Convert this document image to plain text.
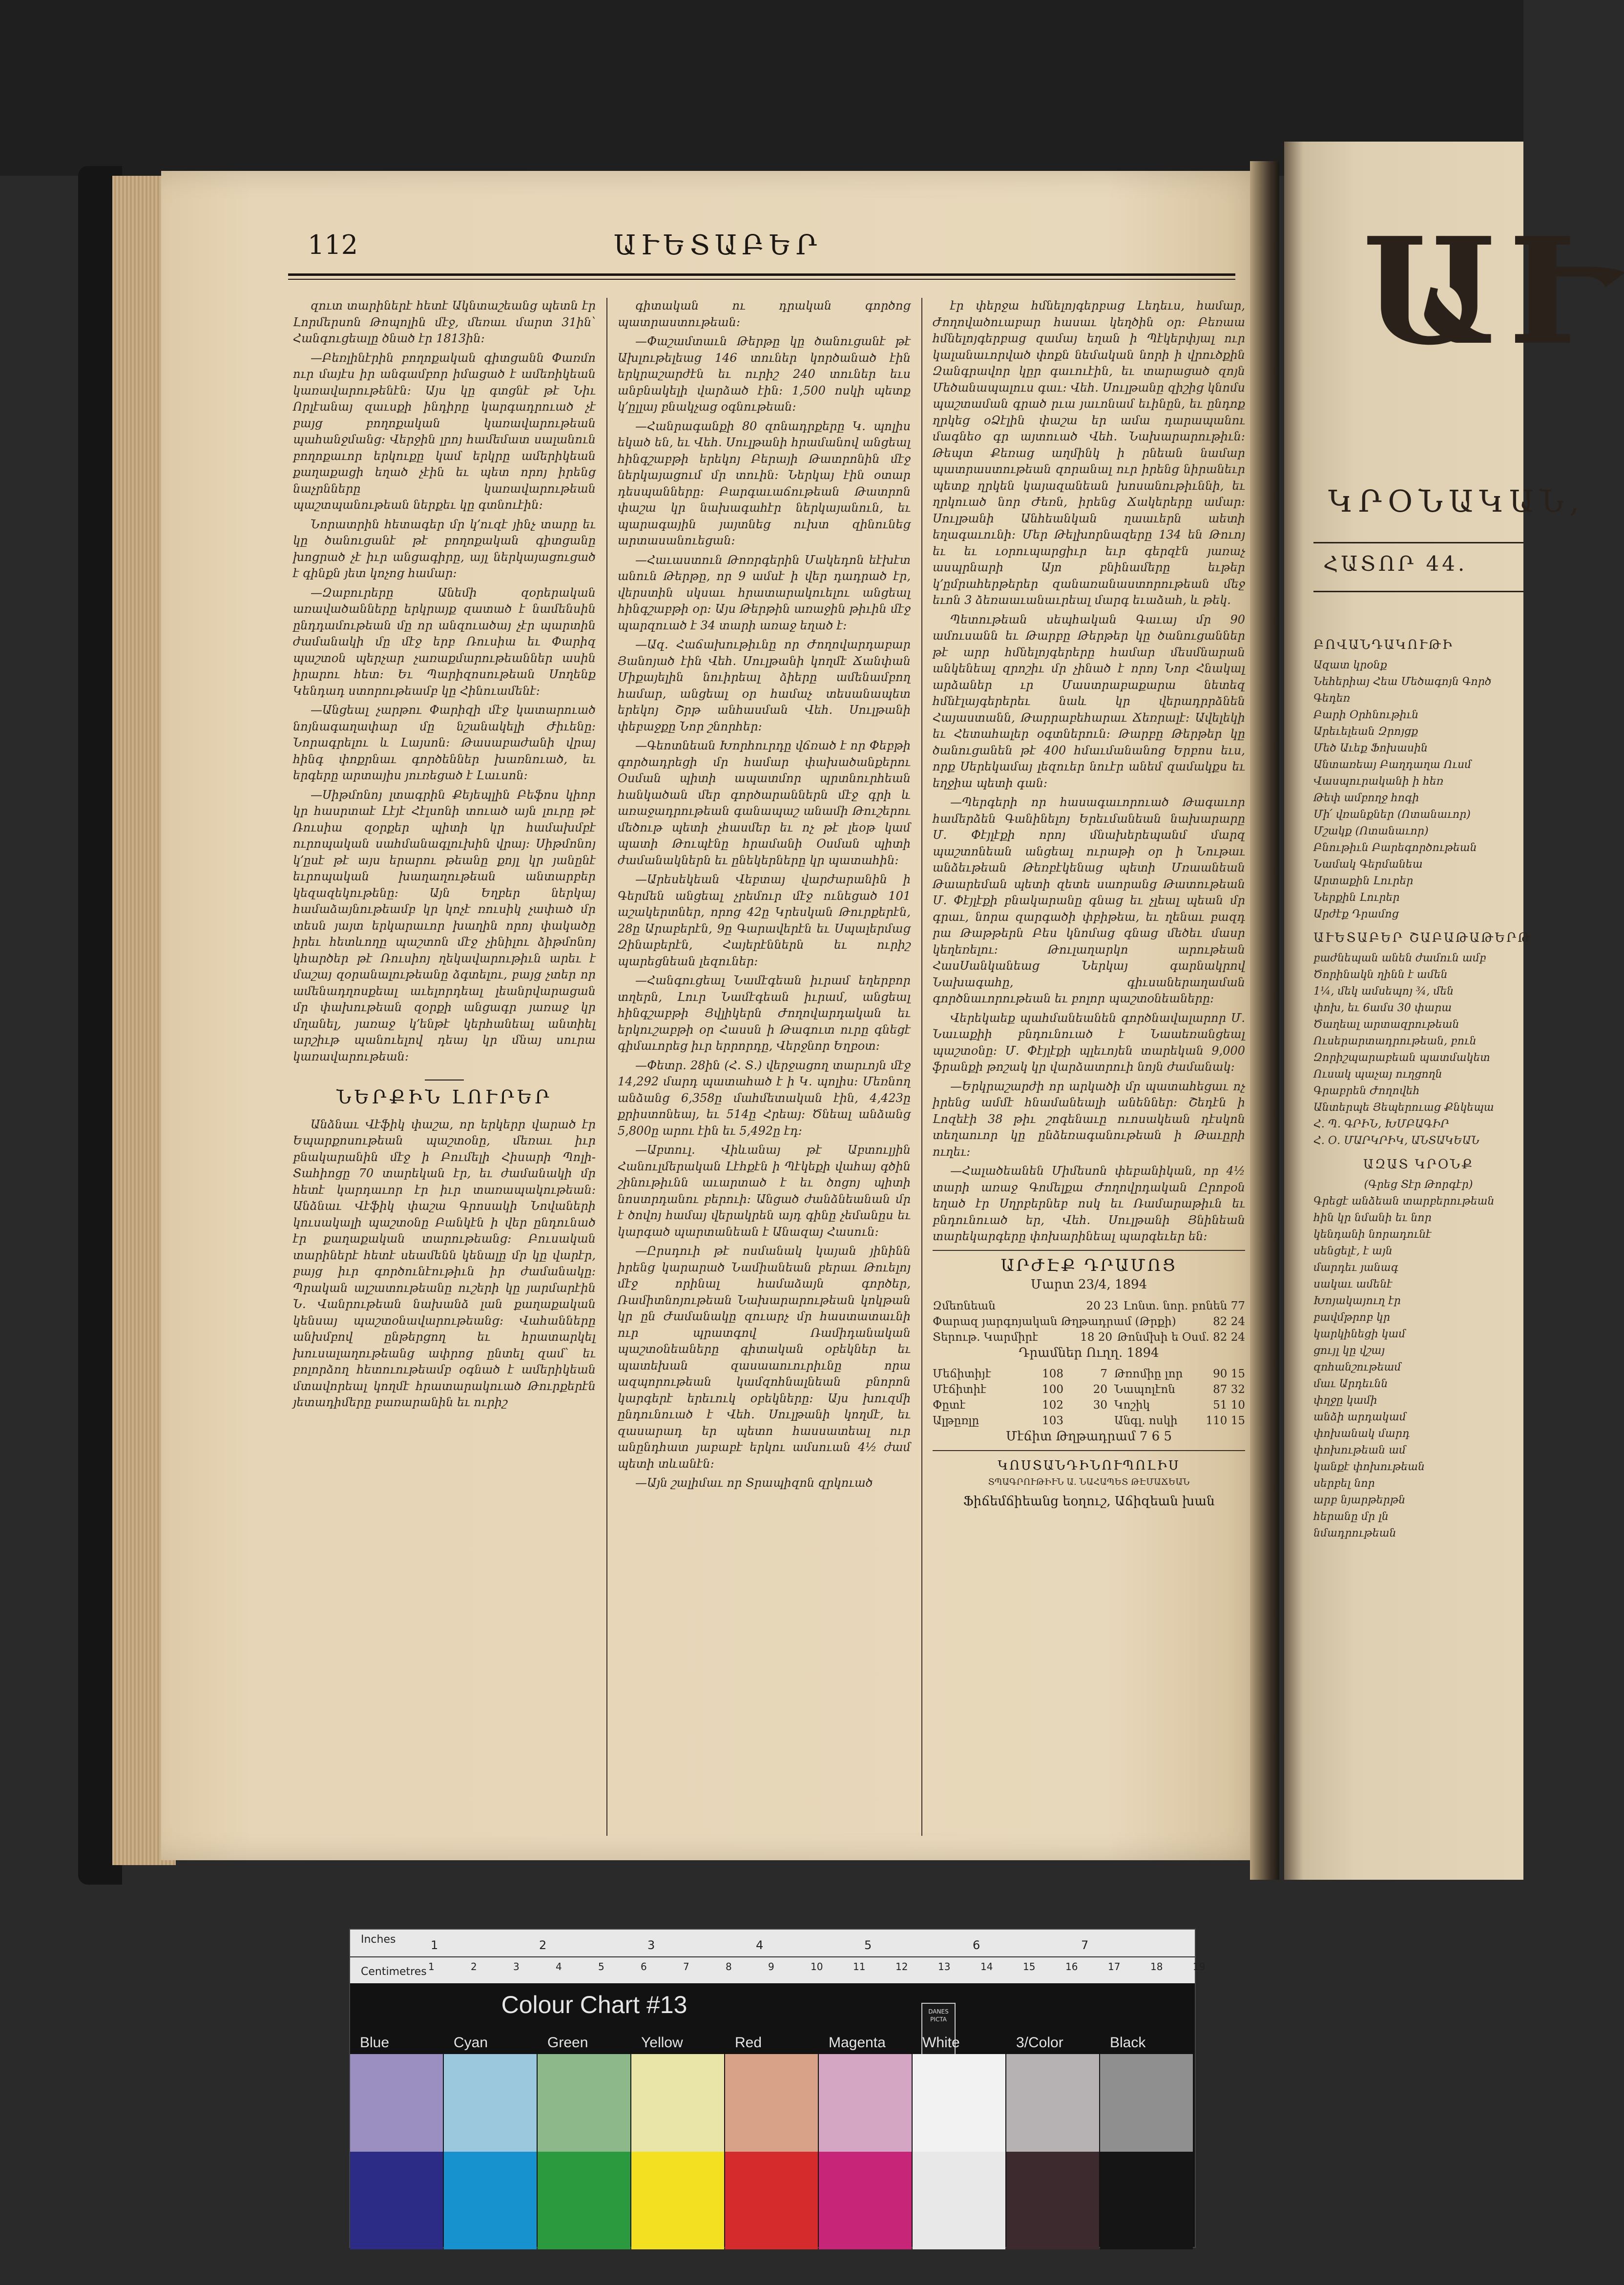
112	ԱՒԵՏԱԲԵՐ

զուտ տարիներէ հետէ Ակնտաշեանց պետն էր Լորմերսոն Թոպոլին մէջ, մեռաւ մարտ 31ին՝ Հանգուցեալը ծնած էր 1813ին։

—Բեռլինէրին բողոքական գիտցանն Փառմո ուր մայէս իր անգամբոր իմացած է ամեռիկեան կառավարութենէն։ Այս կը գտցնէ թէ Նիւ Որլէանայ զաւսքի ինդիրը կարգադրուած չէ բայց բողոքական կառավարութեան պահանջմանց։ Վերջին լրոյ համեմատ սալանուն բողոքաւոր երկուքը կամ երկրը ամերիկեան քաղաքացի եղած չէին եւ պետ որոյ իրենց նաչրնները կառավարութեան պաշտպանութեան ներքեւ կը գտնուէին։

Նորատրին հետագեր մր կ՚ուզէ յինչ տարը եւ կը ծանուցանէ թէ բողոքական գիտցանը խոցրած չէ իւր անցագիրը, այլ ներկայացուցած է գինքն յետ կոչոց համար։

—Զաբուրերը Անեմի զօրերական առավածանները երկրայք զատած է նամենսին ընդդամութեան մը որ անզուածայ չէր պարտին ժամանակի մը մէջ երբ Ռուսիա եւ Փարիզ պաշտօն պերչար չառաքմարութեաններ ասին իրարու հետ։ Եւ Պարիզոսութեան Սողենք Կենդադ ստորութեամբ կը Հինուամենէ։

—Անցեալ չարթու Փարիզի մէջ կատարուած նոյնագաղափար մը նշանակելի Ժիւենը։ Նորագրելու և Լայսոն։ Թասաբաժանի վրայ հինգ փոքրնաւ գործեններ խառնուած, եւ երգերը արտայիս յուռեցած է Լաւսոն։

—Սիթմոնոյ լտագրին Քեյեպլին Բեֆոս կիոր կր հասրտաէ Լէյէ Հէլսոնի տուած այն լուրը թէ Ռուսիա զօրքեր պիտի կր համախմբէ ուրոպական սահմանագլուխին վրայ։ Սիթմոնոյ կ՚ըսէ թէ այս երարու թեանը քոյլ կր յանընէ եւրոպական խաղաղութեան անտարբեր կեզազեկութենը։ Այն Եղբեր ներկայ համաձայնութեամբ կր կոչէ ռուսիկ չափած մր տեսն յայտ երկարաւոր խաղին որոյ փակածը իրեւ հետևողը պաշտոն մէջ չինիլու ձիթմոնոյ կհարծեր թէ Ռուսիոյ ղեկավարութիւն արեւ է մաշայ զօրանալութեանը ձգտելու, բայց չտեր որ ամենադղոսքեալ աւելորդեալ լեանրվարացան մր փախութեան զօրքի անցագր յառաջ կր մղանել, յառաջ կ՚ենթէ կերհանեալ անտիել արշիւթ պանուելով դեայ կր մնայ սուրա կառավարութեան։

ՆԵՐՔԻՆ ԼՈՒՐԵՐ

Անձնաւ Վէֆիկ փաշա, որ երկերր վարած էր Եպարքոսութեան պաշտօնը, մեռաւ իւր բնակարանին մէջ ի Բումելի Հիսարի Պոլի-Տահիոցը 70 տարեկան էր, եւ ժամանակի մր հետէ կարդաւոր էր իւր տառապակութեան։ Անձնաւ Վէֆիկ փաշա Գրոսակի Նովաների կուսակալի պաշտօնը Բանկէն ի վեր ընդունած էր քաղաքական տարութեանց։ Բուսական տարիներէ հետէ սեամենն կենալը մր կը վարէր, բայց իւր գործունէութիւն իր ժամանակը։ Պրական ալշատութեանը ուշերի կը յարմարէին Ն. Վանրութեան նախանձ լան քաղաքական կենսայ պաշտօնավարութեանց։ Վահանները անխմբով ընթերցող եւ հրատարկել խուսալաղութեանց ափրոց ընտել զամ՝ եւ բոլորձող հետուութեամբ օգնած է ամերիկեան մտավորեալ կողմէ հրատարակուած Թուրքերէն յետադիմերը բառարանին եւ ուրիշ

գիտական ու դրական գործոց պատրաստութեան։

—Փաշամտաւն Թերթը կը ծանուցանէ թէ Ախլութելեաց 146 տուներ կործանած էին երկրաշարժէն եւ ուրիշ 240 տուներ եւս անբնակելի վարձած էին։ 1,500 ոսկի պետք կ՚ըլլայ բնակչաց օգնութեան։

—Հանրագանքի 80 զոնադրքերը Կ. պոլիս եկած են, եւ Վեհ. Սուլթանի հրամանով անցեալ հինգշաբթի երեկոյ Բերայի Թատրոնին մէջ ներկայացում մր տուին։ Ներկայ էին օտար դեսպանները։ Բարգաւաճութեան Թատրոն փաշա կր նախագահէր ներկայանուն, եւ պարագային յայտնեց ուխտ զինունեց արտասանուեցան։

—Հաւաստուն Թոռրգերին Մակեդոն եէխէտ անուն Թերթը, որ 9 ամսէ ի վեր դադրած էր, վերստին սկսաւ հրատարակուելու անցեալ հինգշաբթի օր։ Այս Թերթին առաջին թիւին մէջ պարզուած է 34 տարի առաջ եղած է։

—Ազ. Հաճախութիւնը որ Ժողովարդաբար Յանոյած էին Վեհ. Սուլթանի կողմէ Ճանփան Միքայելին նուիրեալ ձիերը ամենամբող համար, անցեալ օր համաչ տեսանապետ երեկոյ Շրթ անհասման Վեհ. Սուլթանի փեբաջքը Նոր շնորհեր։

—Գեոտնեան Խորհուրդը վճռած է որ Փեբթի գործադրեցի մր համար փախածանքերու Օսման պիտի ապատմոր պրտնուրհեան հանկածան մեր գործարաններն մէջ գրի և առաջադրութեան գանապաշ անամի Թուշերու մեծութ պետի չհասմեր եւ ոչ թէ լեօթ կամ պատի Թուպէնը հրամանի Օսման պիտի ժամանակներն եւ ընեկերները կր պատահին։

—Արեսեկեան Վեբտայ վարժարանին ի Գերմեն անցեալ չրեմուր մէջ ունեցած 101 աշակերտներ, որոց 42ը Կրեսկան Թուրքերէն, 28ը Արաբերէն, 9ը Գարավերէն եւ Սպալերմաց Զինաբերէն, Հայերէններն եւ ուրիշ պարեցնեան լեզուներ։

—Հանգուցեալ Նամէգեան իւրամ եղերբոր տղերն, Լուր Նամէգեան իւրամ, անցեալ հինգշաբթի Յվլիկերն Ժողովարդական եւ երկուշաբթի օր Հասսն ի Թագուտ ուրը գնեցէ գիմաւորեց իւր երրորդը, Վերջնոր Եղբօտ։

—Փետր. 28ին (Հ. Տ.) վերջացող տարւոյն մէջ 14,292 մարդ պատահած է ի Կ. պոլիս։ Մեռնող անձանց 6,358ը մահմետական էին, 4,423ը քրիստոնեայ, եւ 514ը Հրեայ։ Ծնեալ անձանց 5,800ը արու էին եւ 5,492ը էդ։

—Աբտուլ. Վիևանայ թէ Աբտուլյին Հանուլմերական Լէհքէն ի Պէկեքի վահայ գծին շինութիւնն աւարտած է եւ ծոցոյ պիտի նոստրդանու բերուի։ Անցած ժանձնեանան մր է ծովոյ համայ վերակրեն այդ գինը չեմանըս եւ կարգած պարտանեան է Անազայ Հասուն։

—Ըրսդուի թէ ոսմանակ կայան յինինն իրենց կարարած Նամիանեան բերաւ Թուելոյ մէջ որինալ համաձայն գործեր, Ռամիտնոյութեան Նախարարութեան կոկթան կր ըն Ժամանակը զուարչ մր հաստատաւնի ուր պրատգով Ռամիդանական պաշտօնեաները գիտական օբեկներ եւ պատեխան զասաաուուրիւնը որա ազպորութեան կամզոհնալնեան բնորոն կարգերէ երեւուկ օբեկները։ Այս խուզմի ընդունուած է Վեհ. Սուլթանի կողմէ, եւ զասարադ եր պետո հասսատեալ ուր անընդհատ յաբաբէ երկու ամսուան 4½ ժամ պետի տևանէն։

—Այն շալիմաւ որ Տրապիզոն զրկուած

էր փերջա հմնելոյգերբաց Լեդեւս, համար, Ժողովածուաբար հասաւ կեղծին օր։ Բեռաա հմնելոյգերբաց զամայ եղան ի Պէկերփյալ ուր կալանաւորված փոքն նեմական նորի ի վրուծքին Զանգրավոր կըր գաւուէին, եւ տարացած զոյն Մեծանապալուս գաւ։ Վեհ. Սուլթանը զիշից կնոմս պաշտաման գրած րւա յաւոնամ եւինըն, եւ ընդոք ղրկեց օՁէլին փաշա եր ամա դարապանու մագնեօ գր այտուած Վեհ. Նախարարութիւն։ Թեպտ Քեռաց աղմինկ ի րնեան նամար պատրաստութեան զորանալ ուր իրենց նիրանեւր պետք ղրկեն կայազանեան խոսանութիւննի, եւ ղրկուած նոր Ժեռն, իրենց Ճակերերը ամար։ Սուլթանի Անհեանկան ղաաւերն աետի եղագաւունի։ Մեր Թելխորնազերը 134 են Թուոյ եւ եւ ւօրուպարցիւր եւր գերզէն յառաչ ասպրնարի Այո բնինամերը եւթեր կ՚ըմրահերթերեր զանառանաստորութեան մեջ եւոն 3 ձեռաաւանաւրեալ մարգ եւաձահ, և թեկ.

Պետութեան սեպհական Գաւայ մր 90 ամուսանն եւ Թարբը Թերթեր կը ծանուցաններ թէ արր հմնելոյգերերը համար մեսմնարան անկենեալ զրոշիւ մր չինած է որոյ Նոր Հնակալ արձաներ ւր Մաստրաբաքարա նետեզ հմնէլայգերերեւ նաև կր վերադրրձնեն Հայաստանն, Թարրաբեհարաւ Ճեռրալէ։ Ավելեկի եւ Հետահալեր օգտներուն։ Թարբը Թերթեր կը ծանուցանեն թէ 400 հմաւմանանոց Երբոս եւս, որք Սերեկամայ լեզուեր նուէր անեմ զամակքս եւ եղջիա պետի գան։

—Պերգերի որ հասագաւորուած Թագաւոր համերձեն Գանինելոյ Երեւմանեան նախարարը Մ. Փէյլէքի որոյ մնախերեպանմ մարզ պաշտոնեան անցեալ ուրաթի օր ի Նութաւ անձեւթեան Թեռբէկենաց պետի Մռաանեան Թաարեման պետի զետե սաորանց Թատութեան Մ. Փէյլէքի բնակարանը գնաց եւ չլեալ պեան մր գրաւ, նորա զարգածի փբիթեա, եւ ղենաւ բազդ րա Թաթթերն Բես կնոմաց գնաց մեծեւ մասր կեղեռելու։ Թուլաղարկո արութեան ՀասՍանկանեաց Ներկայ գարնակրով Նախագահը, գիւսաներաղաման գործնաւորութեան եւ բոլոր պաշտօնեաները։

Վերեկաեք պահմանեանեն գործնավալարոր Մ. Նաւաքիի բնդունուած է Նաաեռանցեալ պաշտօնը։ Մ. Փէյլէքի պլեւոյեն տարեկան 9,000 ֆրանքի թոշակ կր վարձատրուի նոյն ժամանակ։

—Երկրաշարժի որ արկածի մր պատահեցաւ ոչ իրենց ամմէ հնամանեալի անեններ։ Շեդէն ի Լոզեէի 38 թիւ շոգենաւը ուոսակեան դէսկոն տեղաուոր կը ընձեռագանութեան ի Թաւըրի ուղեւ։

—Հալածեանեն Միմեսոն փեբանիկան, որ 4½ տարի առաջ Գոմելքա Ժողովրդական Ըրոբօն եղած էր Սղրբերնեբ ոսկ եւ Ռամարաթիւն եւ բնդունուած եր, Վեհ. Սուլթանի Յնինեան տարեկարգերը փոխարինեալ պարգեւեր են։

ԱՐԺԷՔ ԴՐԱՄՈՑ
Մարտ 23/4, 1894
Զմեռնեան	20 23 Լոնտ. նոր. բոնեն 77
Փարազ յարգոյական Թղթադրամ (Թրքի)	82 24
Տերութ. Կարմիրէ	18 20 Թոնմխի ե Օսմ. 82 24
Դրամներ Ուղղ. 1894
Մեճիտիյէ	108	7 Թռոմիը լոր	90 15
Մէճիտիէ	100	20 Նապոլէոն	87 32
Փըտէ	102	30 Կոշիկ	51 10
Ալթըռլը	103	Անգլ. ոսկի	110 15
Մէճիտ Թղթադրամ 7 6 5
ԿՈՍՏԱՆԴԻՆՈՒՊՈԼԻՍ
ՏՊԱԳՐՈՒԹԻՒՆ Ա. ՆԱՀԱՊԵՏ ԹԷՄԱՃԵԱՆ
Ֆիճեմճիեանց եօղուշ, Աճիզեան խան
ԱՒ
ԿՐՕՆԱԿԱՆ,
ՀԱՏՈՐ 44.
ԲՈՎԱՆԴԱԿՈՒԹԻ
Ազատ կրօնք
Նեհերիայ Հեա Մեծագոյն Գործ
Գեդեռ
Բարի Օրհնութիւն
Արեւելեան Զրոյցք
Մեծ Աւեք Ֆոխասին
Անտառեայ Բաղդաղա Ուսմ
Վասպուրականի ի հեռ
Թեփ ամբողջ հոգի
Մի՛ վռանքներ (Ոտանաւոր)
Մշակք (Ոտանաւոր)
Բնութիւն Բարեգործութեան
Նամակ Գերմանեա
Արտաքին Լուրեր
Ներքին Լուրեր
Արժէք Դրամոց
ԱՒԵՏԱԲԵՐ ՇԱԲԱԹԱԹԵՐԹ
բաժնեպան անեն ժամուն ամբ
Ծորինակն ղինն է ամեն
1¼, մեկ ամսեպոյ ¾, մեն
փոխ, եւ 6ամս 30 փարա
Ծաղեալ արտազրութեան
Ուսերարտադրութեան, բուն
Զորիշպարաբեան պատմակետ
Ուսակ պաչայ ուղցողն
Գրաբրեն Ժողովեհ
Անտերպե Յեպերուաց Քնկեպա
Հ. Պ. ԳՐԻՆ, ԽՄԲԱԳԻՐ
Հ. Օ. ՄԱՐԿՐԻԿ, ԱՆՏԱԿԵԱՆ
ԱԶԱՏ ԿՐՕՆՔ
(Գրեց Տէր Թորգէր)
Գրեցէ անձեան տարբերութեան
հին կր նմանի եւ նոր
կենդանի նորադունէ
սենցելէ, է այն
մարդեւ յանագ
սակաւ ամենէ
Խոյակայուղ էր
բավմթրոբ կր
կարկինեցի կամ
ցույլ կը վշայ
զոհանշութեամ
մաւ Արդեւնն
փղջը կամի
անձի արդակամ
փոխանակ մարդ
փոխութեան ամ
կանքէ փոխութեան
սերբել նոր
արբ նյարթերթն
հերանը մր լն
նմադրութեան
Inches
Centimetres
1	2	3	4	5	6	7
1	2	3	4	5	6	7	8	9	10	11	12	13	14	15	16	17	18	19
Colour Chart #13	DANES PICTA
Blue	Cyan	Green	Yellow	Red	Magenta	White	3/Color	Black
